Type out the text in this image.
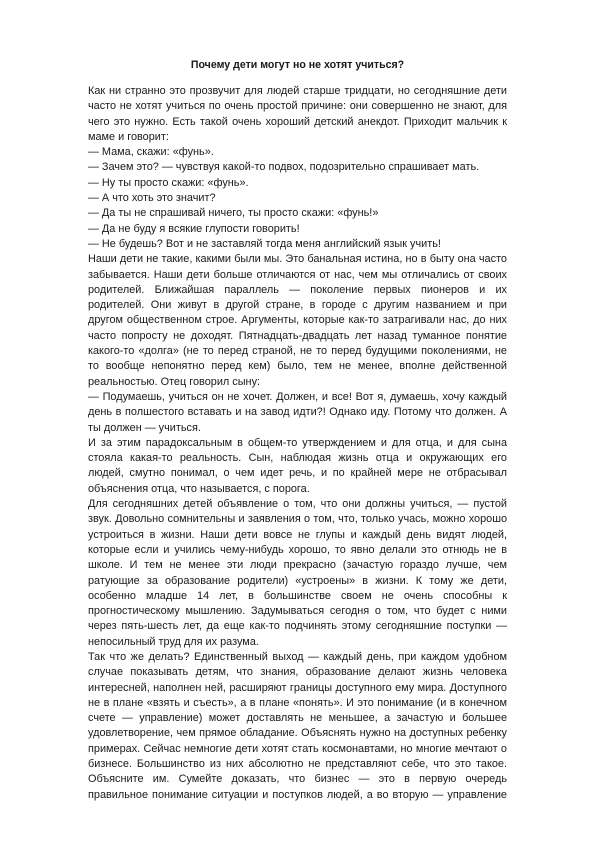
Почему дети могут но не хотят учиться?
Как ни странно это прозвучит для людей старше тридцати, но сегодняшние дети
часто не хотят учиться по очень простой причине: они совершенно не знают, для
чего это нужно. Есть такой очень хороший детский анекдот. Приходит мальчик к
маме и говорит:
— Мама, скажи: «фунь».
— Зачем это? — чувствуя какой-то подвох, подозрительно спрашивает мать.
— Ну ты просто скажи: «фунь».
— А что хоть это значит?
— Да ты не спрашивай ничего, ты просто скажи: «фунь!»
— Да не буду я всякие глупости говорить!
— Не будешь? Вот и не заставляй тогда меня английский язык учить!
Наши дети не такие, какими были мы. Это банальная истина, но в быту она часто
забывается. Наши дети больше отличаются от нас, чем мы отличались от своих
родителей. Ближайшая параллель — поколение первых пионеров и их
родителей. Они живут в другой стране, в городе с другим названием и при
другом общественном строе. Аргументы, которые как-то затрагивали нас, до них
часто попросту не доходят. Пятнадцать-двадцать лет назад туманное понятие
какого-то «долга» (не то перед страной, не то перед будущими поколениями, не
то вообще непонятно перед кем) было, тем не менее, вполне действенной
реальностью. Отец говорил сыну:
— Подумаешь, учиться он не хочет. Должен, и все! Вот я, думаешь, хочу каждый
день в полшестого вставать и на завод идти?! Однако иду. Потому что должен. А
ты должен — учиться.
И за этим парадоксальным в общем-то утверждением и для отца, и для сына
стояла какая-то реальность. Сын, наблюдая жизнь отца и окружающих его
людей, смутно понимал, о чем идет речь, и по крайней мере не отбрасывал
объяснения отца, что называется, с порога.
Для сегодняшних детей объявление о том, что они должны учиться, — пустой
звук. Довольно сомнительны и заявления о том, что, только учась, можно хорошо
устроиться в жизни. Наши дети вовсе не глупы и каждый день видят людей,
которые если и учились чему-нибудь хорошо, то явно делали это отнюдь не в
школе. И тем не менее эти люди прекрасно (зачастую гораздо лучше, чем
ратующие за образование родители) «устроены» в жизни. К тому же дети,
особенно младше 14 лет, в большинстве своем не очень способны к
прогностическому мышлению. Задумываться сегодня о том, что будет с ними
через пять-шесть лет, да еще как-то подчинять этому сегодняшние поступки —
непосильный труд для их разума.
Так что же делать? Единственный выход — каждый день, при каждом удобном
случае показывать детям, что знания, образование делают жизнь человека
интересней, наполнен ней, расширяют границы доступного ему мира. Доступного
не в плане «взять и съесть», а в плане «понять». И это понимание (и в конечном
счете — управление) может доставлять не меньшее, а зачастую и большее
удовлетворение, чем прямое обладание. Объяснять нужно на доступных ребенку
примерах. Сейчас немногие дети хотят стать космонавтами, но многие мечтают о
бизнесе. Большинство из них абсолютно не представляют себе, что это такое.
Объясните им. Сумейте доказать, что бизнес — это в первую очередь
правильное понимание ситуации и поступков людей, а во вторую — управление
